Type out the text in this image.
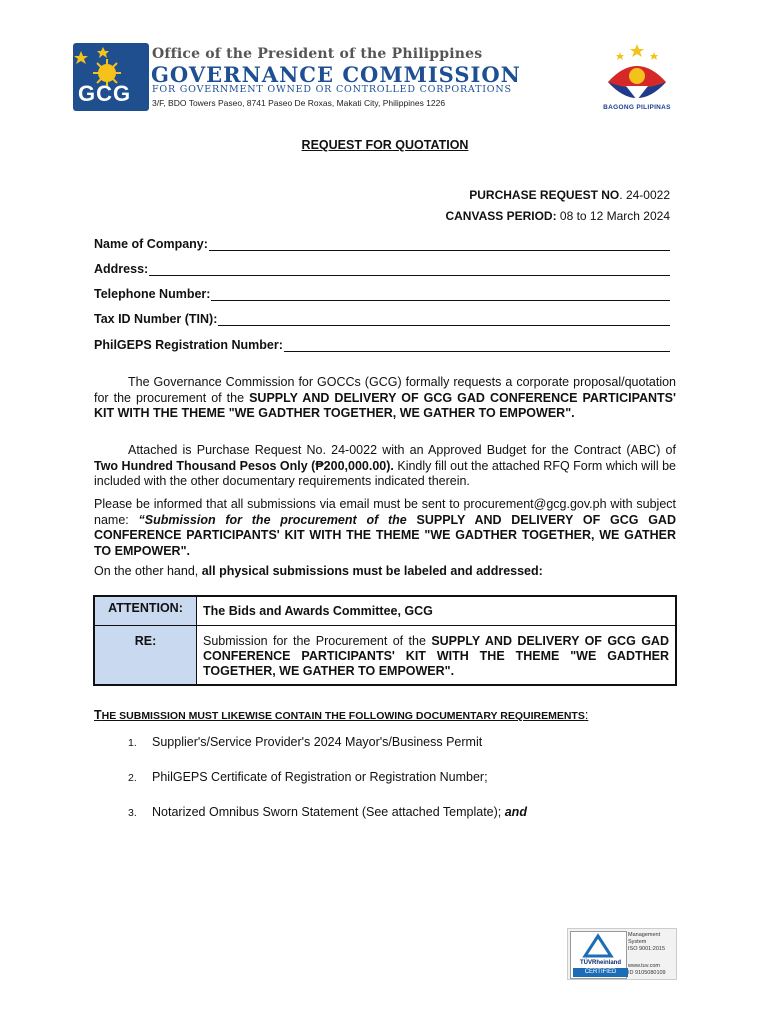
GCG
Office of the President of the Philippines
GOVERNANCE COMMISSION
FOR GOVERNMENT OWNED OR CONTROLLED CORPORATIONS
3/F, BDO Towers Paseo, 8741 Paseo De Roxas, Makati City, Philippines 1226	BAGONG PILIPINAS
REQUEST FOR QUOTATION
PURCHASE REQUEST NO. 24-0022
CANVASS PERIOD: 08 to 12 March 2024
Name of Company:
Address:
Telephone Number:
Tax ID Number (TIN):
PhilGEPS Registration Number:
The Governance Commission for GOCCs (GCG) formally requests a corporate proposal/quotation for the procurement of the SUPPLY AND DELIVERY OF GCG GAD CONFERENCE PARTICIPANTS' KIT WITH THE THEME "WE GADTHER TOGETHER, WE GATHER TO EMPOWER".
Attached is Purchase Request No. 24-0022 with an Approved Budget for the Contract (ABC) of Two Hundred Thousand Pesos Only (₱200,000.00). Kindly fill out the attached RFQ Form which will be included with the other documentary requirements indicated therein.
Please be informed that all submissions via email must be sent to procurement@gcg.gov.ph with subject name: “Submission for the procurement of the SUPPLY AND DELIVERY OF GCG GAD CONFERENCE PARTICIPANTS' KIT WITH THE THEME "WE GADTHER TOGETHER, WE GATHER TO EMPOWER".
On the other hand, all physical submissions must be labeled and addressed:
ATTENTION:	The Bids and Awards Committee, GCG
RE:	Submission for the Procurement of the SUPPLY AND DELIVERY OF GCG GAD CONFERENCE PARTICIPANTS' KIT WITH THE THEME "WE GADTHER TOGETHER, WE GATHER TO EMPOWER".
THE SUBMISSION MUST LIKEWISE CONTAIN THE FOLLOWING DOCUMENTARY REQUIREMENTS:
1. Supplier's/Service Provider's 2024 Mayor's/Business Permit
2. PhilGEPS Certificate of Registration or Registration Number;
3. Notarized Omnibus Sworn Statement (See attached Template); and
TÜVRheinland
CERTIFIED
Management
System
ISO 9001:2015
www.tuv.com
ID 9105080109
